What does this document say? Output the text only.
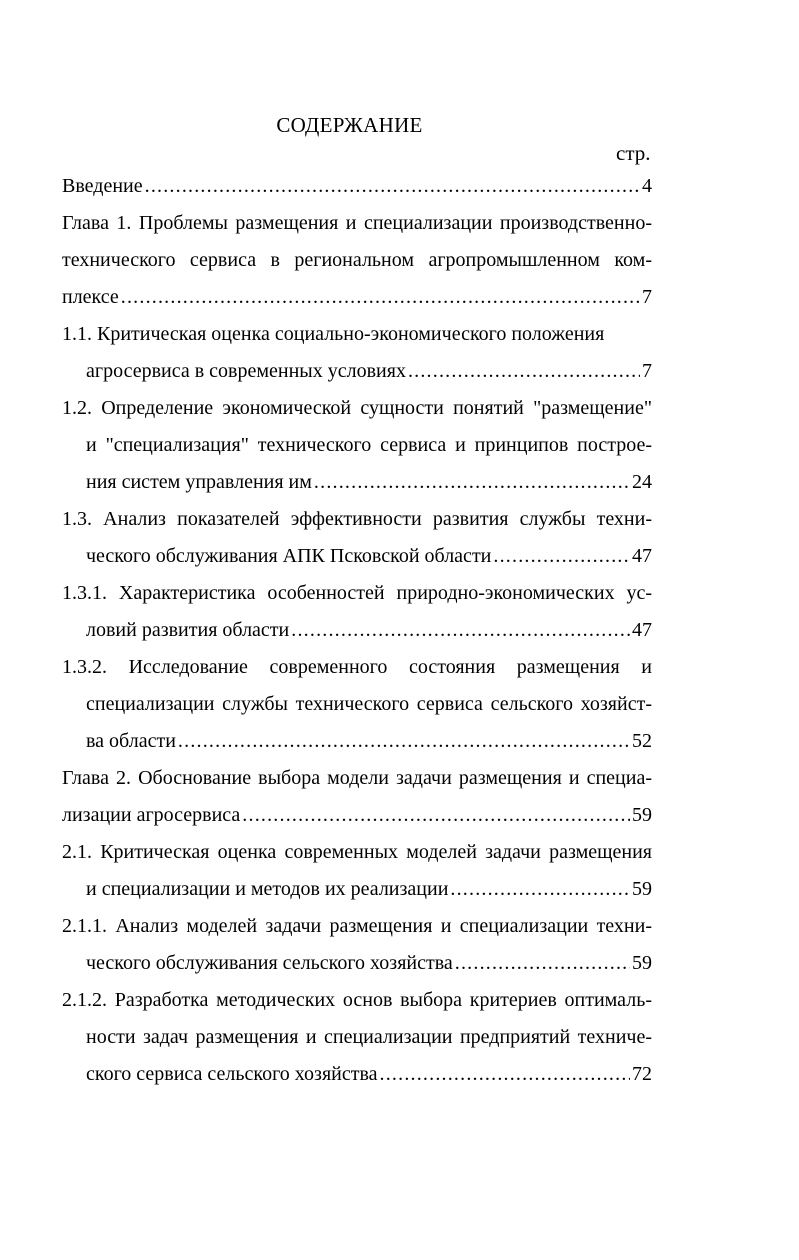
СОДЕРЖАНИЕ
стр.
Введение .....	4
Глава 1. Проблемы размещения и специализации производственно-
технического сервиса в региональном агропромышленном ком-
плексе .....	7
1.1. Критическая оценка социально-экономического положения
агросервиса в современных условиях .....	7
1.2. Определение экономической сущности понятий "размещение"
и "специализация" технического сервиса и принципов построе-
ния систем управления им .....	24
1.3. Анализ показателей эффективности развития службы техни-
ческого обслуживания АПК Псковской области .....	47
1.3.1. Характеристика особенностей природно-экономических ус-
ловий развития области .....	47
1.3.2. Исследование современного состояния размещения и
специализации службы технического сервиса сельского хозяйст-
ва области .....	52
Глава 2. Обоснование выбора модели задачи размещения и специа-
лизации агросервиса .....	59
2.1. Критическая оценка современных моделей задачи размещения
и специализации и методов их реализации .....	59
2.1.1. Анализ моделей задачи размещения и специализации техни-
ческого обслуживания сельского хозяйства .....	59
2.1.2. Разработка методических основ выбора критериев оптималь-
ности задач размещения и специализации предприятий техниче-
ского сервиса сельского хозяйства .....	72
